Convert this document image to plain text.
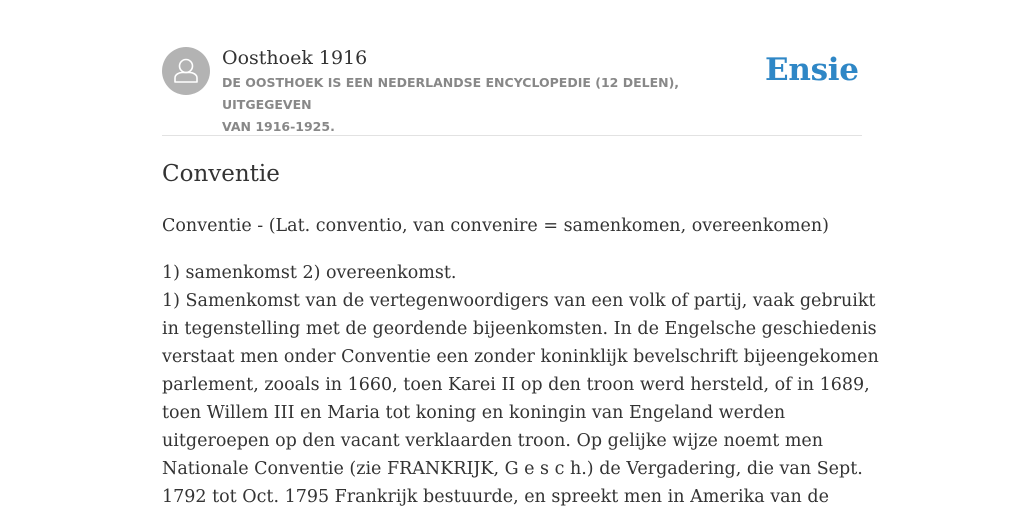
Oosthoek 1916
DE OOSTHOEK IS EEN NEDERLANDSE ENCYCLOPEDIE (12 DELEN), UITGEGEVEN
VAN 1916-1925.
Ensie
Conventie

Conventie - (Lat. conventio, van convenire = samenkomen, overeenkomen)

1) samenkomst 2) overeenkomst.
1) Samenkomst van de vertegenwoordigers van een volk of partij, vaak gebruikt
in tegenstelling met de geordende bijeenkomsten. In de Engelsche geschiedenis
verstaat men onder Conventie een zonder koninklijk bevelschrift bijeengekomen
parlement, zooals in 1660, toen Karei II op den troon werd hersteld, of in 1689,
toen Willem III en Maria tot koning en koningin van Engeland werden
uitgeroepen op den vacant verklaarden troon. Op gelijke wijze noemt men
Nationale Conventie (zie FRANKRIJK, G e s c h.) de Vergadering, die van Sept.
1792 tot Oct. 1795 Frankrijk bestuurde, en spreekt men in Amerika van de
